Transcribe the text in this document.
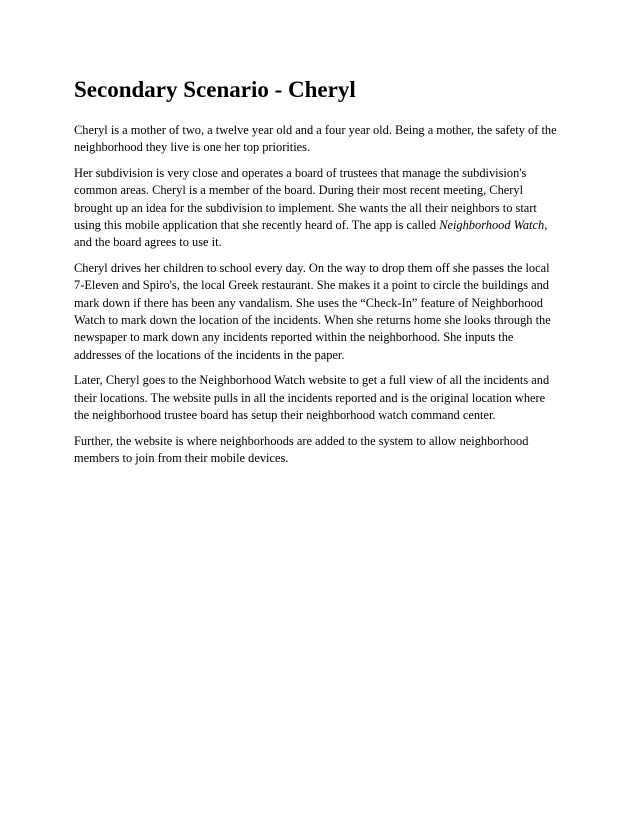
Secondary Scenario - Cheryl

Cheryl is a mother of two, a twelve year old and a four year old. Being a mother, the safety of the
neighborhood they live is one her top priorities.

Her subdivision is very close and operates a board of trustees that manage the subdivision's
common areas. Cheryl is a member of the board. During their most recent meeting, Cheryl
brought up an idea for the subdivision to implement. She wants the all their neighbors to start
using this mobile application that she recently heard of. The app is called Neighborhood Watch,
and the board agrees to use it.

Cheryl drives her children to school every day. On the way to drop them off she passes the local
7-Eleven and Spiro's, the local Greek restaurant. She makes it a point to circle the buildings and
mark down if there has been any vandalism. She uses the “Check-In” feature of Neighborhood
Watch to mark down the location of the incidents. When she returns home she looks through the
newspaper to mark down any incidents reported within the neighborhood. She inputs the
addresses of the locations of the incidents in the paper.

Later, Cheryl goes to the Neighborhood Watch website to get a full view of all the incidents and
their locations. The website pulls in all the incidents reported and is the original location where
the neighborhood trustee board has setup their neighborhood watch command center.

Further, the website is where neighborhoods are added to the system to allow neighborhood
members to join from their mobile devices.
